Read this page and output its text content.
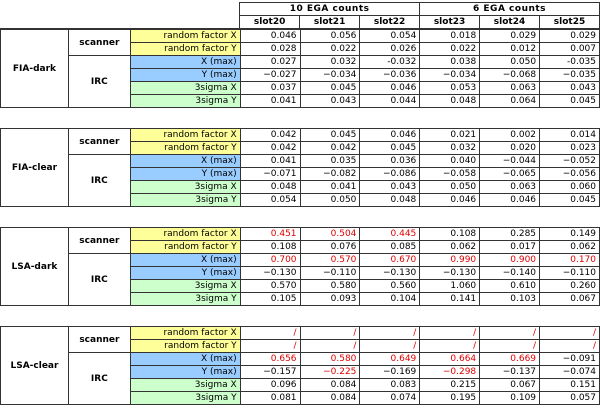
	10 EGA counts			6 EGA counts		
	slot20	slot21	slot22	slot23	slot24	slot25
FIA-dark	scanner	random factor X	0.046	0.056	0.054	0.018	0.029	0.029
		random factor Y	0.028	0.022	0.026	0.022	0.012	0.007
	IRC	X (max)	0.027	0.032	-0.032	0.038	0.050	-0.035
		Y (max)	−0.027	−0.034	−0.036	−0.034	−0.068	−0.035
		3sigma X	0.037	0.045	0.046	0.053	0.063	0.043
		3sigma Y	0.041	0.043	0.044	0.048	0.064	0.045
FIA-clear	scanner	random factor X	0.042	0.045	0.046	0.021	0.002	0.014
		random factor Y	0.042	0.042	0.045	0.032	0.020	0.023
	IRC	X (max)	0.041	0.035	0.036	0.040	−0.044	−0.052
		Y (max)	−0.071	−0.082	−0.086	−0.058	−0.065	−0.056
		3sigma X	0.048	0.041	0.043	0.050	0.063	0.060
		3sigma Y	0.054	0.050	0.048	0.046	0.046	0.045
LSA-dark	scanner	random factor X	0.451	0.504	0.445	0.108	0.285	0.149
		random factor Y	0.108	0.076	0.085	0.062	0.017	0.062
	IRC	X (max)	0.700	0.570	0.670	0.990	0.900	0.170
		Y (max)	−0.130	−0.110	−0.130	−0.130	−0.140	−0.110
		3sigma X	0.570	0.580	0.560	1.060	0.610	0.260
		3sigma Y	0.105	0.093	0.104	0.141	0.103	0.067
LSA-clear	scanner	random factor X	/	/	/	/	/	/
		random factor Y	/	/	/	/	/	/
	IRC	X (max)	0.656	0.580	0.649	0.664	0.669	−0.091
		Y (max)	−0.157	−0.225	−0.169	−0.298	−0.137	−0.074
		3sigma X	0.096	0.084	0.083	0.215	0.067	0.151
		3sigma Y	0.081	0.084	0.074	0.195	0.109	0.057
